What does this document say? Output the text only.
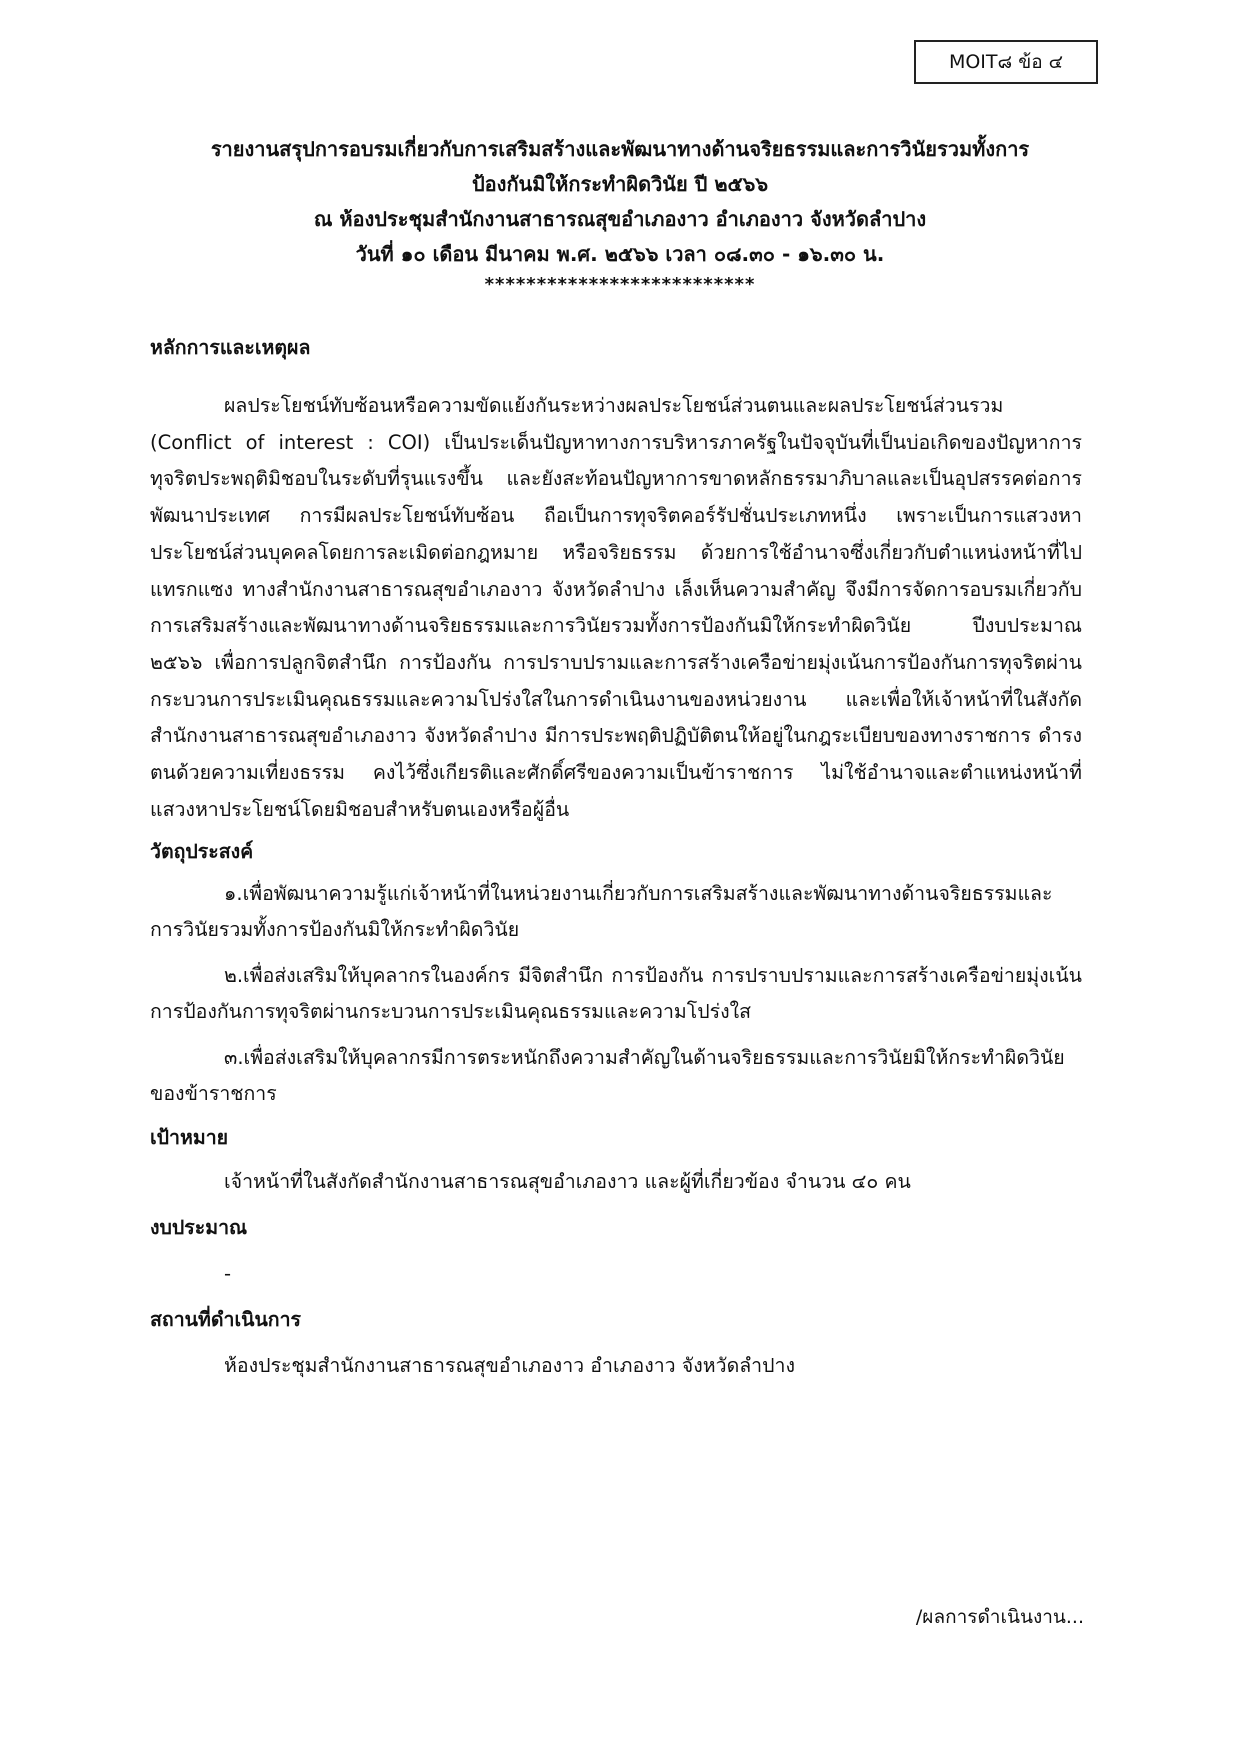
MOIT๘ ข้อ ๔
รายงานสรุปการอบรมเกี่ยวกับการเสริมสร้างและพัฒนาทางด้านจริยธรรมและการวินัยรวมทั้งการ
ป้องกันมิให้กระทำผิดวินัย ปี ๒๕๖๖
ณ ห้องประชุมสำนักงานสาธารณสุขอำเภองาว อำเภองาว จังหวัดลำปาง
วันที่ ๑๐ เดือน มีนาคม พ.ศ. ๒๕๖๖ เวลา ๐๘.๓๐ - ๑๖.๓๐ น.
**************************
หลักการและเหตุผล
ผลประโยชน์ทับซ้อนหรือความขัดแย้งกันระหว่างผลประโยชน์ส่วนตนและผลประโยชน์ส่วนรวม (Conflict of interest : COI) เป็นประเด็นปัญหาทางการบริหารภาครัฐในปัจจุบันที่เป็นบ่อเกิดของปัญหาการทุจริตประพฤติมิชอบในระดับที่รุนแรงขึ้น และยังสะท้อนปัญหาการขาดหลักธรรมาภิบาลและเป็นอุปสรรคต่อการพัฒนาประเทศ การมีผลประโยชน์ทับซ้อน ถือเป็นการทุจริตคอร์รัปชั่นประเภทหนึ่ง เพราะเป็นการแสวงหาประโยชน์ส่วนบุคคลโดยการละเมิดต่อกฎหมาย หรือจริยธรรม ด้วยการใช้อำนาจซึ่งเกี่ยวกับตำแหน่งหน้าที่ไปแทรกแซง ทางสำนักงานสาธารณสุขอำเภองาว จังหวัดลำปาง เล็งเห็นความสำคัญ จึงมีการจัดการอบรมเกี่ยวกับการเสริมสร้างและพัฒนาทางด้านจริยธรรมและการวินัยรวมทั้งการป้องกันมิให้กระทำผิดวินัย ปีงบประมาณ ๒๕๖๖ เพื่อการปลูกจิตสำนึก การป้องกัน การปราบปรามและการสร้างเครือข่ายมุ่งเน้นการป้องกันการทุจริตผ่านกระบวนการประเมินคุณธรรมและความโปร่งใสในการดำเนินงานของหน่วยงาน และเพื่อให้เจ้าหน้าที่ในสังกัดสำนักงานสาธารณสุขอำเภองาว จังหวัดลำปาง มีการประพฤติปฏิบัติตนให้อยู่ในกฎระเบียบของทางราชการ ดำรงตนด้วยความเที่ยงธรรม คงไว้ซึ่งเกียรติและศักดิ์ศรีของความเป็นข้าราชการ ไม่ใช้อำนาจและตำแหน่งหน้าที่แสวงหาประโยชน์โดยมิชอบสำหรับตนเองหรือผู้อื่น
วัตถุประสงค์
๑.เพื่อพัฒนาความรู้แก่เจ้าหน้าที่ในหน่วยงานเกี่ยวกับการเสริมสร้างและพัฒนาทางด้านจริยธรรมและการวินัยรวมทั้งการป้องกันมิให้กระทำผิดวินัย
๒.เพื่อส่งเสริมให้บุคลากรในองค์กร มีจิตสำนึก การป้องกัน การปราบปรามและการสร้างเครือข่ายมุ่งเน้นการป้องกันการทุจริตผ่านกระบวนการประเมินคุณธรรมและความโปร่งใส
๓.เพื่อส่งเสริมให้บุคลากรมีการตระหนักถึงความสำคัญในด้านจริยธรรมและการวินัยมิให้กระทำผิดวินัยของข้าราชการ
เป้าหมาย
เจ้าหน้าที่ในสังกัดสำนักงานสาธารณสุขอำเภองาว และผู้ที่เกี่ยวข้อง จำนวน ๔๐ คน
งบประมาณ
-
สถานที่ดำเนินการ
ห้องประชุมสำนักงานสาธารณสุขอำเภองาว อำเภองาว จังหวัดลำปาง
/ผลการดำเนินงาน...
